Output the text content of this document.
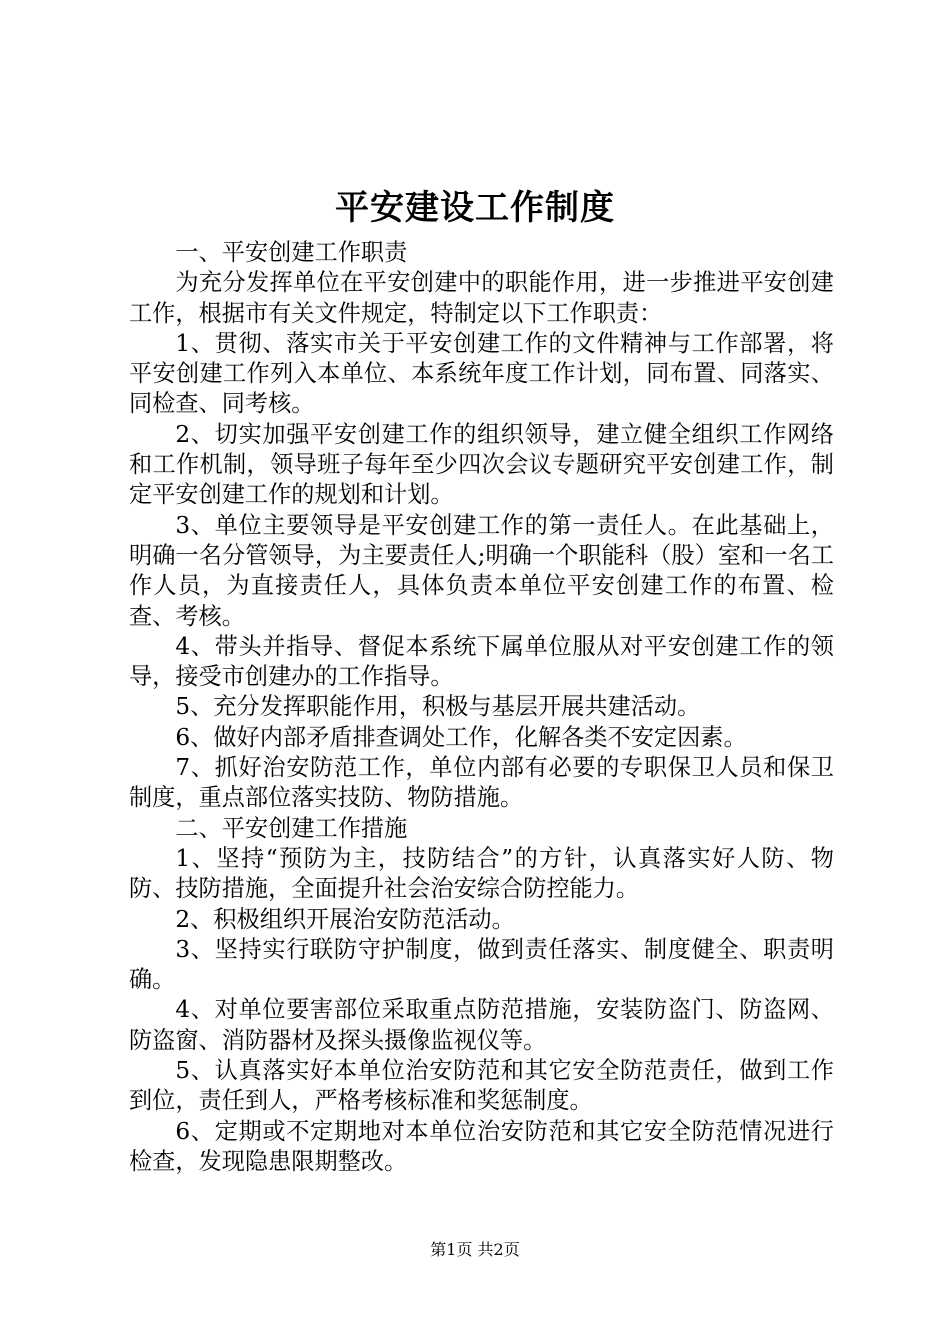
平安建设工作制度

一、平安创建工作职责

为充分发挥单位在平安创建中的职能作用，进一步推进平安创建工作，根据市有关文件规定，特制定以下工作职责：

1、贯彻、落实市关于平安创建工作的文件精神与工作部署，将平安创建工作列入本单位、本系统年度工作计划，同布置、同落实、同检查、同考核。

2、切实加强平安创建工作的组织领导，建立健全组织工作网络和工作机制，领导班子每年至少四次会议专题研究平安创建工作，制定平安创建工作的规划和计划。

3、单位主要领导是平安创建工作的第一责任人。在此基础上，明确一名分管领导，为主要责任人;明确一个职能科（股）室和一名工作人员，为直接责任人，具体负责本单位平安创建工作的布置、检查、考核。

4、带头并指导、督促本系统下属单位服从对平安创建工作的领导，接受市创建办的工作指导。

5、充分发挥职能作用，积极与基层开展共建活动。

6、做好内部矛盾排查调处工作，化解各类不安定因素。

7、抓好治安防范工作，单位内部有必要的专职保卫人员和保卫制度，重点部位落实技防、物防措施。

二、平安创建工作措施

1、坚持“预防为主，技防结合”的方针，认真落实好人防、物防、技防措施，全面提升社会治安综合防控能力。

2、积极组织开展治安防范活动。

3、坚持实行联防守护制度，做到责任落实、制度健全、职责明确。

4、对单位要害部位采取重点防范措施，安装防盗门、防盗网、防盗窗、消防器材及探头摄像监视仪等。

5、认真落实好本单位治安防范和其它安全防范责任，做到工作到位，责任到人，严格考核标准和奖惩制度。

6、定期或不定期地对本单位治安防范和其它安全防范情况进行检查，发现隐患限期整改。

第1页 共2页
